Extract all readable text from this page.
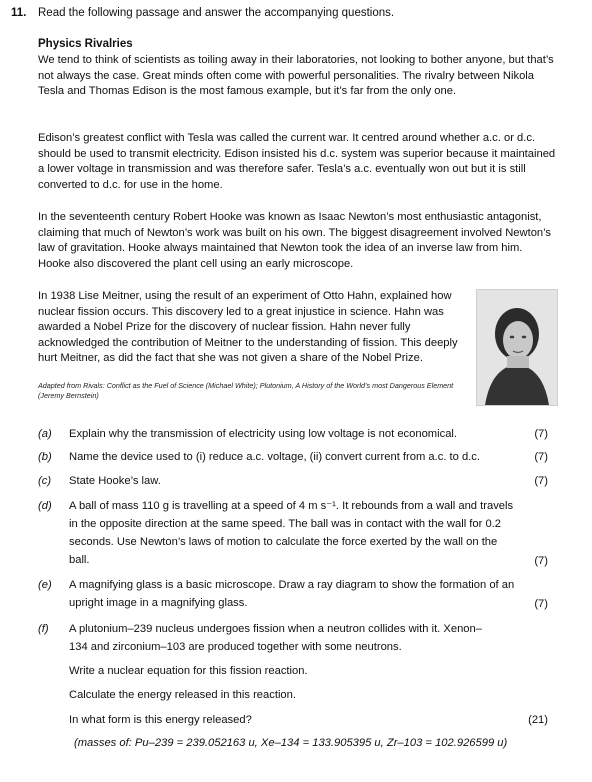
11. Read the following passage and answer the accompanying questions.
Physics Rivalries
We tend to think of scientists as toiling away in their laboratories, not looking to bother anyone, but that’s not always the case. Great minds often come with powerful personalities. The rivalry between Nikola Tesla and Thomas Edison is the most famous example, but it’s far from the only one.
Edison’s greatest conflict with Tesla was called the current war. It centred around whether a.c. or d.c. should be used to transmit electricity. Edison insisted his d.c. system was superior because it maintained a lower voltage in transmission and was therefore safer. Tesla’s a.c. eventually won out but it is still converted to d.c. for use in the home.
In the seventeenth century Robert Hooke was known as Isaac Newton’s most enthusiastic antagonist, claiming that much of Newton’s work was built on his own. The biggest disagreement involved Newton’s law of gravitation. Hooke always maintained that Newton took the idea of an inverse law from him. Hooke also discovered the plant cell using an early microscope.
In 1938 Lise Meitner, using the result of an experiment of Otto Hahn, explained how nuclear fission occurs. This discovery led to a great injustice in science. Hahn was awarded a Nobel Prize for the discovery of nuclear fission. Hahn never fully acknowledged the contribution of Meitner to the understanding of fission. This deeply hurt Meitner, as did the fact that she was not given a share of the Nobel Prize.
Adapted from Rivals: Conflict as the Fuel of Science (Michael White); Plutonium, A History of the World’s most Dangerous Element (Jeremy Bernstein)
(a) Explain why the transmission of electricity using low voltage is not economical.	(7)
(b) Name the device used to (i) reduce a.c. voltage, (ii) convert current from a.c. to d.c.	(7)
(c) State Hooke’s law.	(7)
(d) A ball of mass 110 g is travelling at a speed of 4 m s⁻¹. It rebounds from a wall and travels in the opposite direction at the same speed. The ball was in contact with the wall for 0.2 seconds. Use Newton’s laws of motion to calculate the force exerted by the wall on the ball.	(7)
(e) A magnifying glass is a basic microscope. Draw a ray diagram to show the formation of an upright image in a magnifying glass.	(7)
(f) A plutonium–239 nucleus undergoes fission when a neutron collides with it. Xenon–134 and zirconium–103 are produced together with some neutrons.
Write a nuclear equation for this fission reaction.
Calculate the energy released in this reaction.
In what form is this energy released?	(21)
(masses of: Pu–239 = 239.052163 u, Xe–134 = 133.905395 u, Zr–103 = 102.926599 u)
